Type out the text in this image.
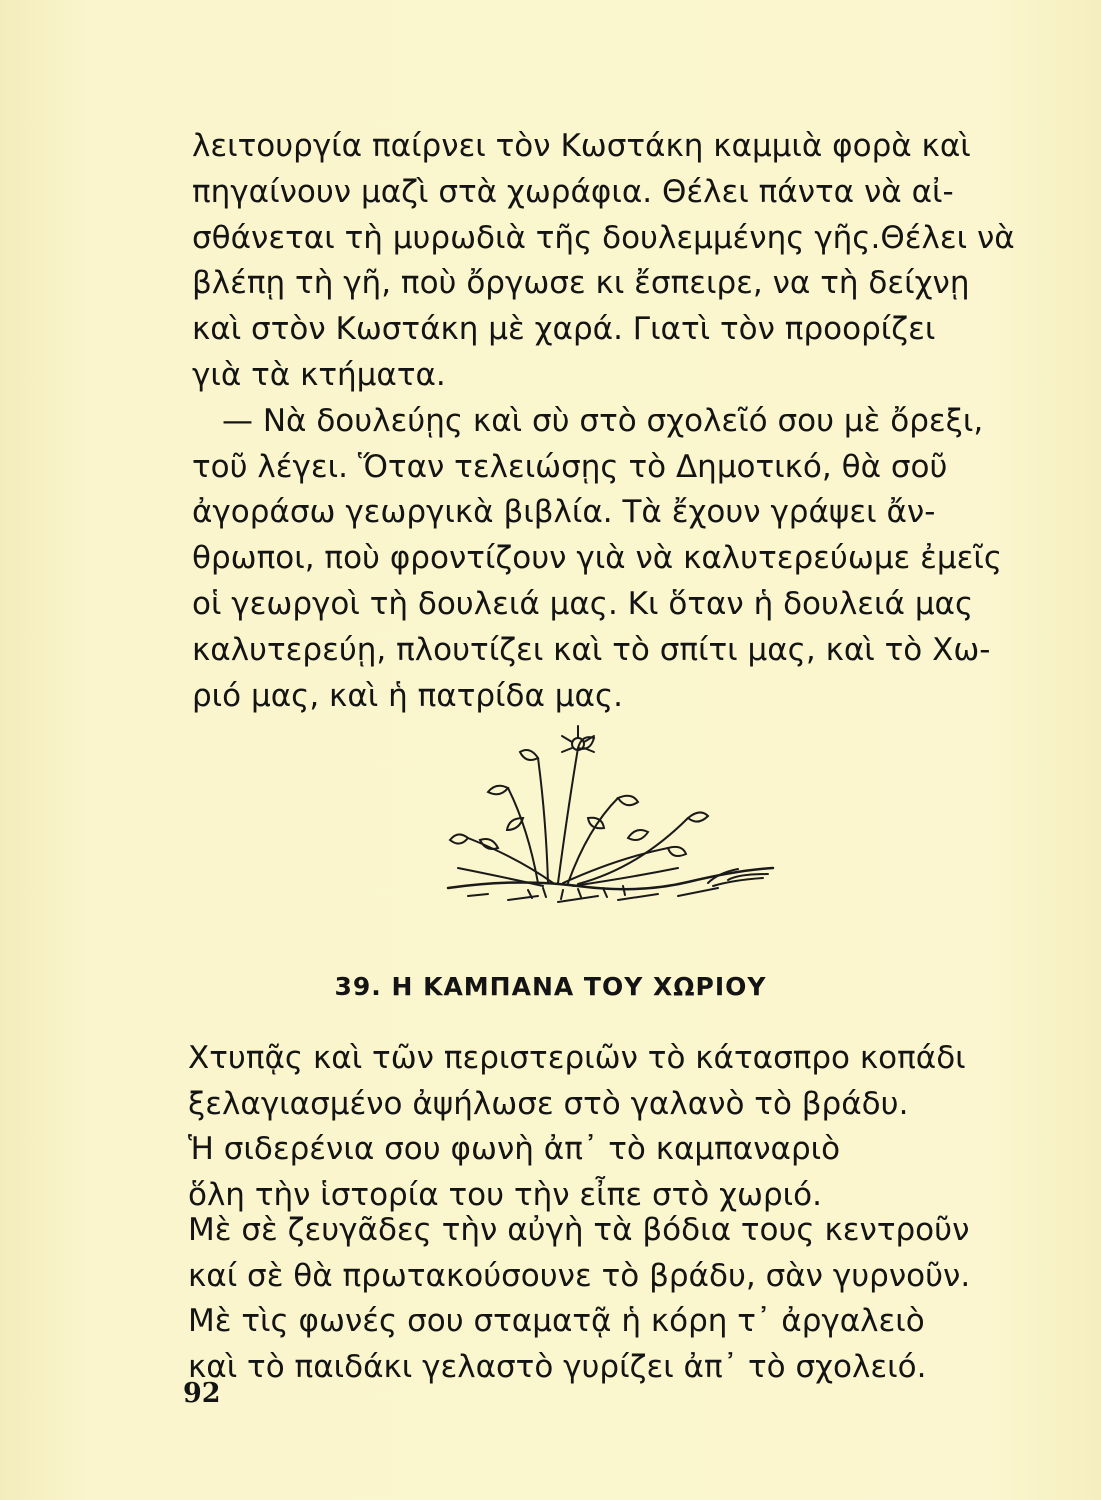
λειτουργία παίρνει τὸν Κωστάκη καμμιὰ φορὰ καὶ
πηγαίνουν μαζὶ στὰ χωράφια. Θέλει πάντα νὰ αἰ-
σθάνεται τὴ μυρωδιὰ τῆς δουλεμμένης γῆς.Θέλει νὰ
βλέπῃ τὴ γῆ, ποὺ ὄργωσε κι ἔσπειρε, να τὴ δείχνῃ
καὶ στὸν Κωστάκη μὲ χαρά. Γιατὶ τὸν προορίζει
γιὰ τὰ κτήματα.

— Νὰ δουλεύῃς καὶ σὺ στὸ σχολεῖό σου μὲ ὄρεξι,
τοῦ λέγει. Ὅταν τελειώσῃς τὸ Δημοτικό, θὰ σοῦ
ἀγοράσω γεωργικὰ βιβλία. Τὰ ἔχουν γράψει ἄν-
θρωποι, ποὺ φροντίζουν γιὰ νὰ καλυτερεύωμε ἐμεῖς
οἱ γεωργοὶ τὴ δουλειά μας. Κι ὅταν ἡ δουλειά μας
καλυτερεύῃ, πλουτίζει καὶ τὸ σπίτι μας, καὶ τὸ Χω-
ριό μας, καὶ ἡ πατρίδα μας.

39. Η ΚΑΜΠΑΝΑ ΤΟΥ ΧΩΡΙΟΥ
Χτυπᾷς καὶ τῶν περιστεριῶν τὸ κάτασπρο κοπάδι
ξελαγιασμένο ἀψήλωσε στὸ γαλανὸ τὸ βράδυ.
Ἡ σιδερένια σου φωνὴ ἀπ᾽ τὸ καμπαναριὸ
ὅλη τὴν ἱστορία του τὴν εἶπε στὸ χωριό.
Μὲ σὲ ζευγᾶδες τὴν αὐγὴ τὰ βόδια τους κεντροῦν
καί σὲ θὰ πρωτακούσουνε τὸ βράδυ, σὰν γυρνοῦν.
Μὲ τὶς φωνές σου σταματᾷ ἡ κόρη τ᾽ ἀργαλειὸ
καὶ τὸ παιδάκι γελαστὸ γυρίζει ἀπ᾽ τὸ σχολειό.
92
